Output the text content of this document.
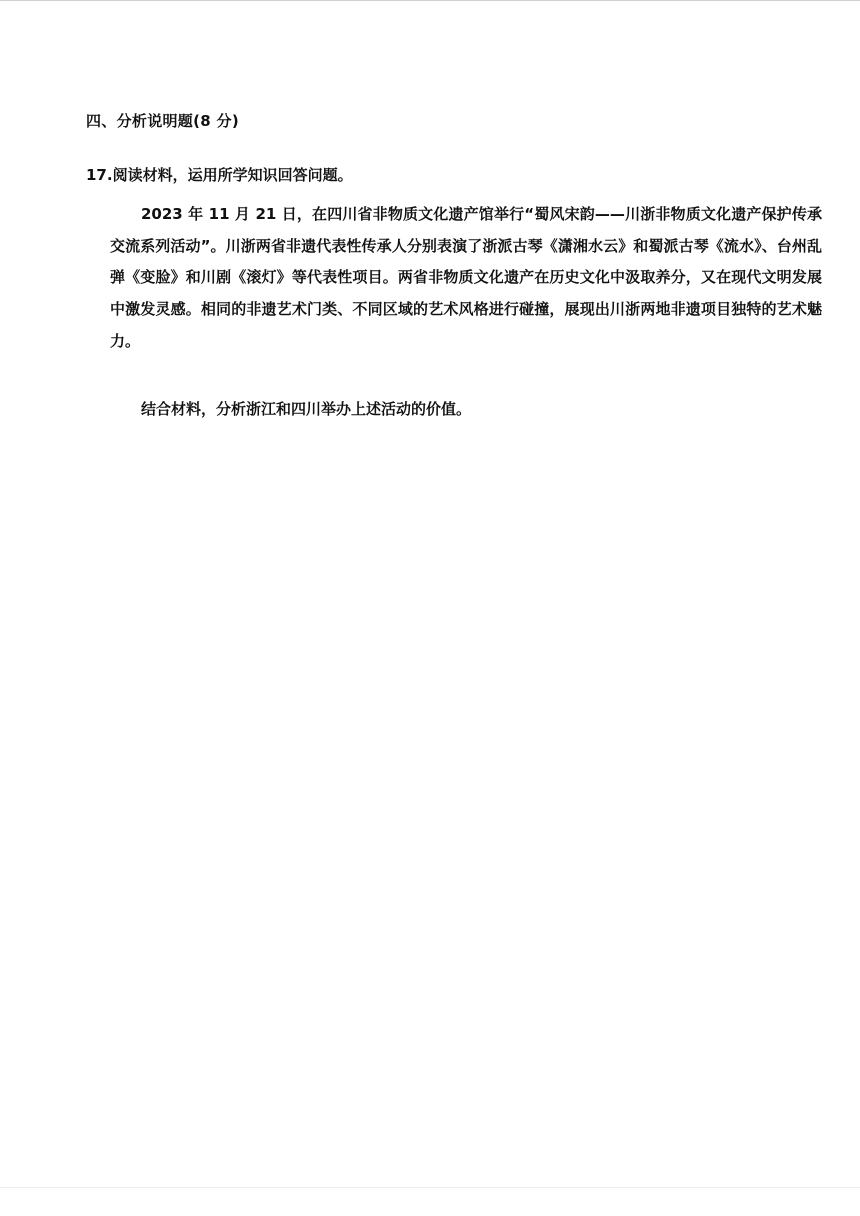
四、分析说明题(8 分)
17.阅读材料，运用所学知识回答问题。

2023 年 11 月 21 日，在四川省非物质文化遗产馆举行“蜀风宋韵——川浙非物质文化遗产保护传承交流系列活动”。川浙两省非遗代表性传承人分别表演了浙派古琴《潇湘水云》和蜀派古琴《流水》、台州乱弹《变脸》和川剧《滚灯》等代表性项目。两省非物质文化遗产在历史文化中汲取养分，又在现代文明发展中激发灵感。相同的非遗艺术门类、不同区域的艺术风格进行碰撞，展现出川浙两地非遗项目独特的艺术魅力。

结合材料，分析浙江和四川举办上述活动的价值。
